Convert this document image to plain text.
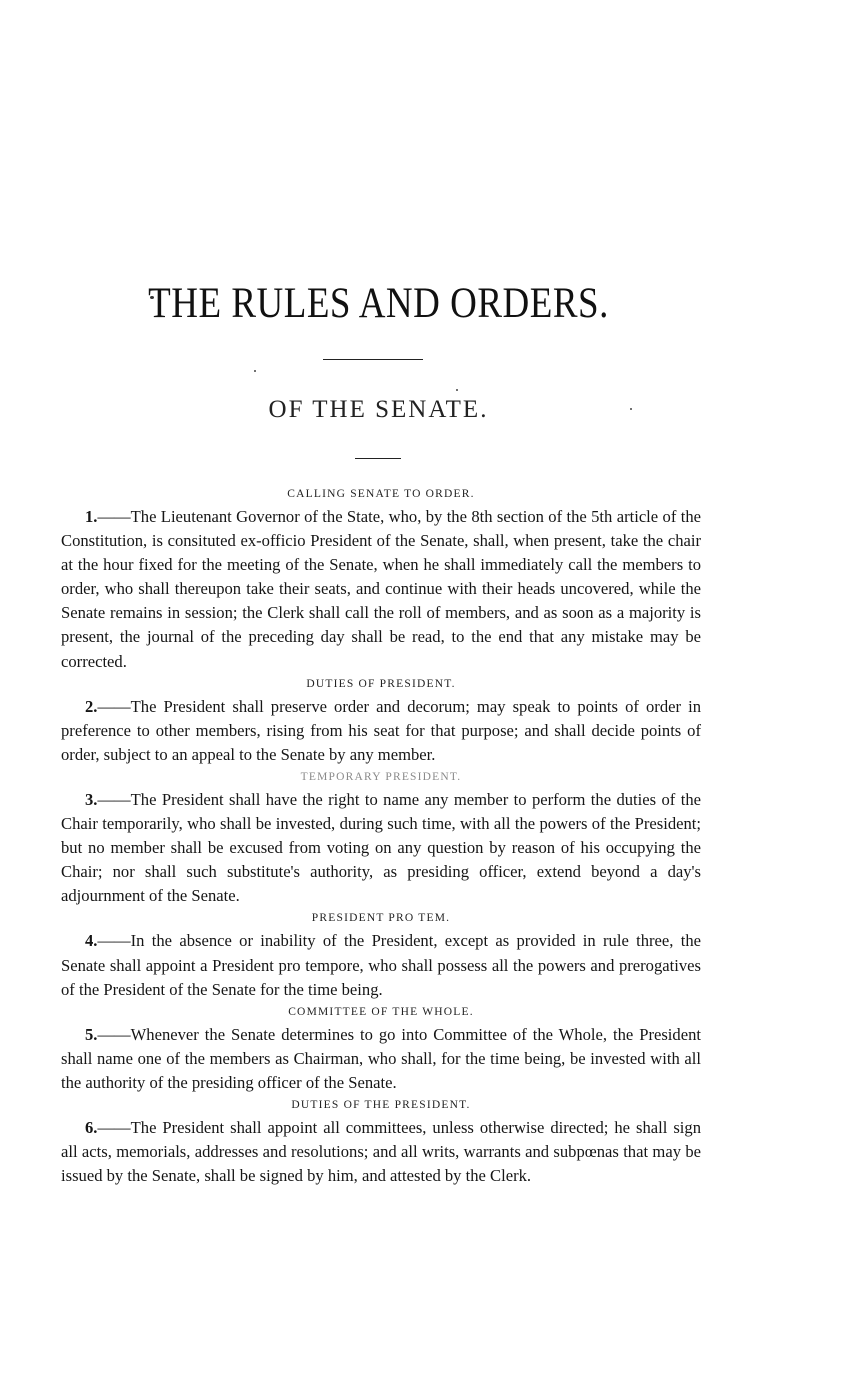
THE RULES AND ORDERS.
OF THE SENATE.
CALLING SENATE TO ORDER.

1.——The Lieutenant Governor of the State, who, by the 8th section of the 5th article of the Constitution, is consituted ex-officio President of the Senate, shall, when present, take the chair at the hour fixed for the meeting of the Senate, when he shall immediately call the members to order, who shall thereupon take their seats, and continue with their heads uncovered, while the Senate remains in session; the Clerk shall call the roll of members, and as soon as a majority is present, the journal of the preceding day shall be read, to the end that any mistake may be corrected.

DUTIES OF PRESIDENT.

2.——The President shall preserve order and decorum; may speak to points of order in preference to other members, rising from his seat for that purpose; and shall decide points of order, subject to an appeal to the Senate by any member.

TEMPORARY PRESIDENT.

3.——The President shall have the right to name any member to perform the duties of the Chair temporarily, who shall be invested, during such time, with all the powers of the President; but no member shall be excused from voting on any question by reason of his occupying the Chair; nor shall such substitute's authority, as presiding officer, extend beyond a day's adjournment of the Senate.

PRESIDENT PRO TEM.

4.——In the absence or inability of the President, except as provided in rule three, the Senate shall appoint a President pro tempore, who shall possess all the powers and prerogatives of the President of the Senate for the time being.

COMMITTEE OF THE WHOLE.

5.——Whenever the Senate determines to go into Committee of the Whole, the President shall name one of the members as Chairman, who shall, for the time being, be invested with all the authority of the presiding officer of the Senate.

DUTIES OF THE PRESIDENT.

6.——The President shall appoint all committees, unless otherwise directed; he shall sign all acts, memorials, addresses and resolutions; and all writs, warrants and subpœnas that may be issued by the Senate, shall be signed by him, and attested by the Clerk.
